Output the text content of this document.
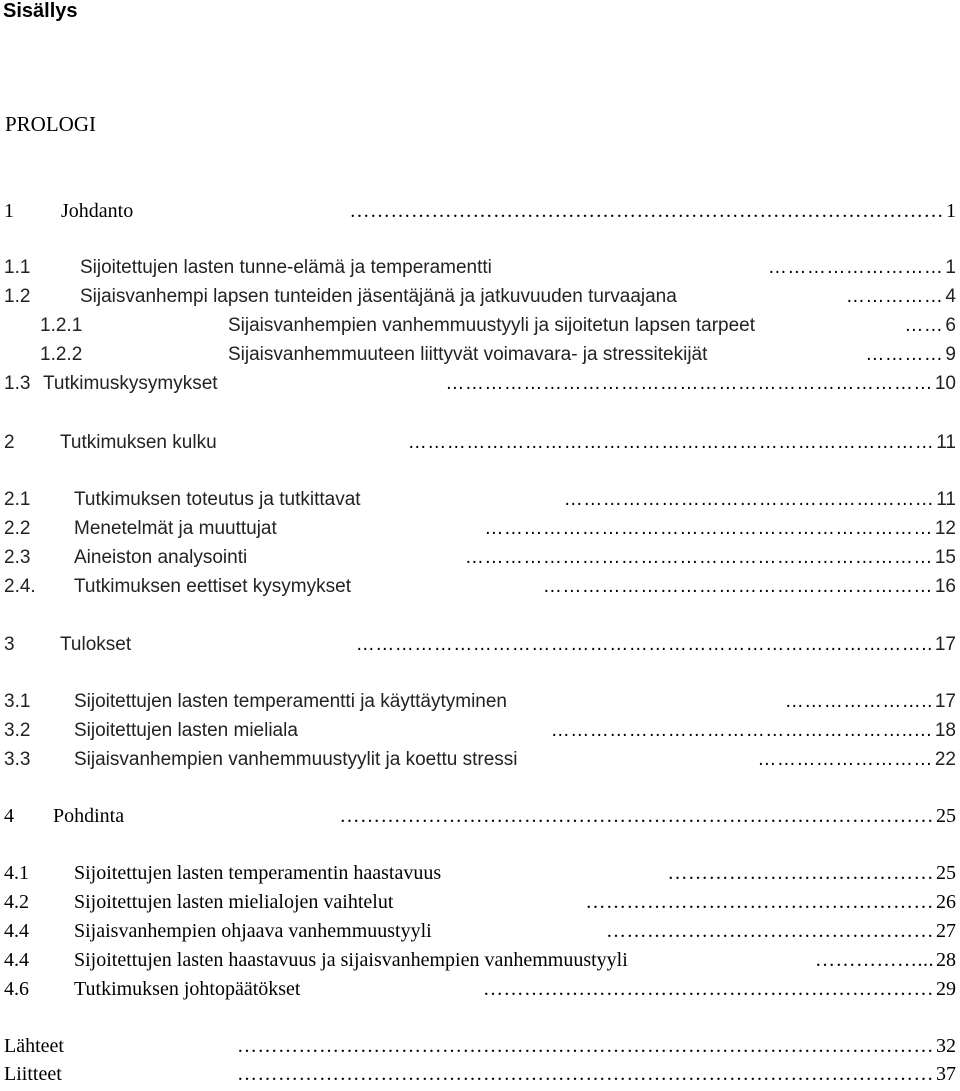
Sisällys
PROLOGI
1 Johdanto	…………………………………………………………………………… 1
1.1	Sijoitettujen lasten tunne-elämä ja temperamentti	……………………… 1
1.2	Sijaisvanhempi lapsen tunteiden jäsentäjänä ja jatkuvuuden turvaajana	…………… 4
1.2.1	Sijaisvanhempien vanhemmuustyyli ja sijoitetun lapsen tarpeet	…… 6
1.2.2	Sijaisvanhemmuuteen liittyvät voimavara- ja stressitekijät	………… 9
1.3 Tutkimuskysymykset	………………………………………………………………… 10
2 Tutkimuksen kulku	……………………………………………………………………… 11
2.1 Tutkimuksen toteutus ja tutkittavat	………………………………………………… 11
2.2 Menetelmät ja muuttujat	…………………………………………………………… 12
2.3 Aineiston analysointi	……………………………………………………………… 15
2.4. Tutkimuksen eettiset kysymykset	…………………………………………………… 16
3 Tulokset	..…………………………………………………………………………… 17
3.1 Sijoitettujen lasten temperamentti ja käyttäytyminen	..………………… 17
3.2 Sijoitettujen lasten mieliala	…..……………………………………………… 18
3.3 Sijaisvanhempien vanhemmuustyylit ja koettu stressi	……………………… 22
4 Pohdinta	…………………………………………………………………………… 25
4.1 Sijoitettujen lasten temperamentin haastavuus	………………………………… 25
4.2 Sijoitettujen lasten mielialojen vaihtelut	…………………………………………… 26
4.4 Sijaisvanhempien ohjaava vanhemmuustyyli	………………………………………… 27
4.4 Sijoitettujen lasten haastavuus ja sijaisvanhempien vanhemmuustyyli	...…………… 28
4.6 Tutkimuksen johtopäätökset	………………………………………………………… 29
Lähteet	………………………………………………………………………………………… 32
Liitteet	………………………………………………………………………………………… 37
